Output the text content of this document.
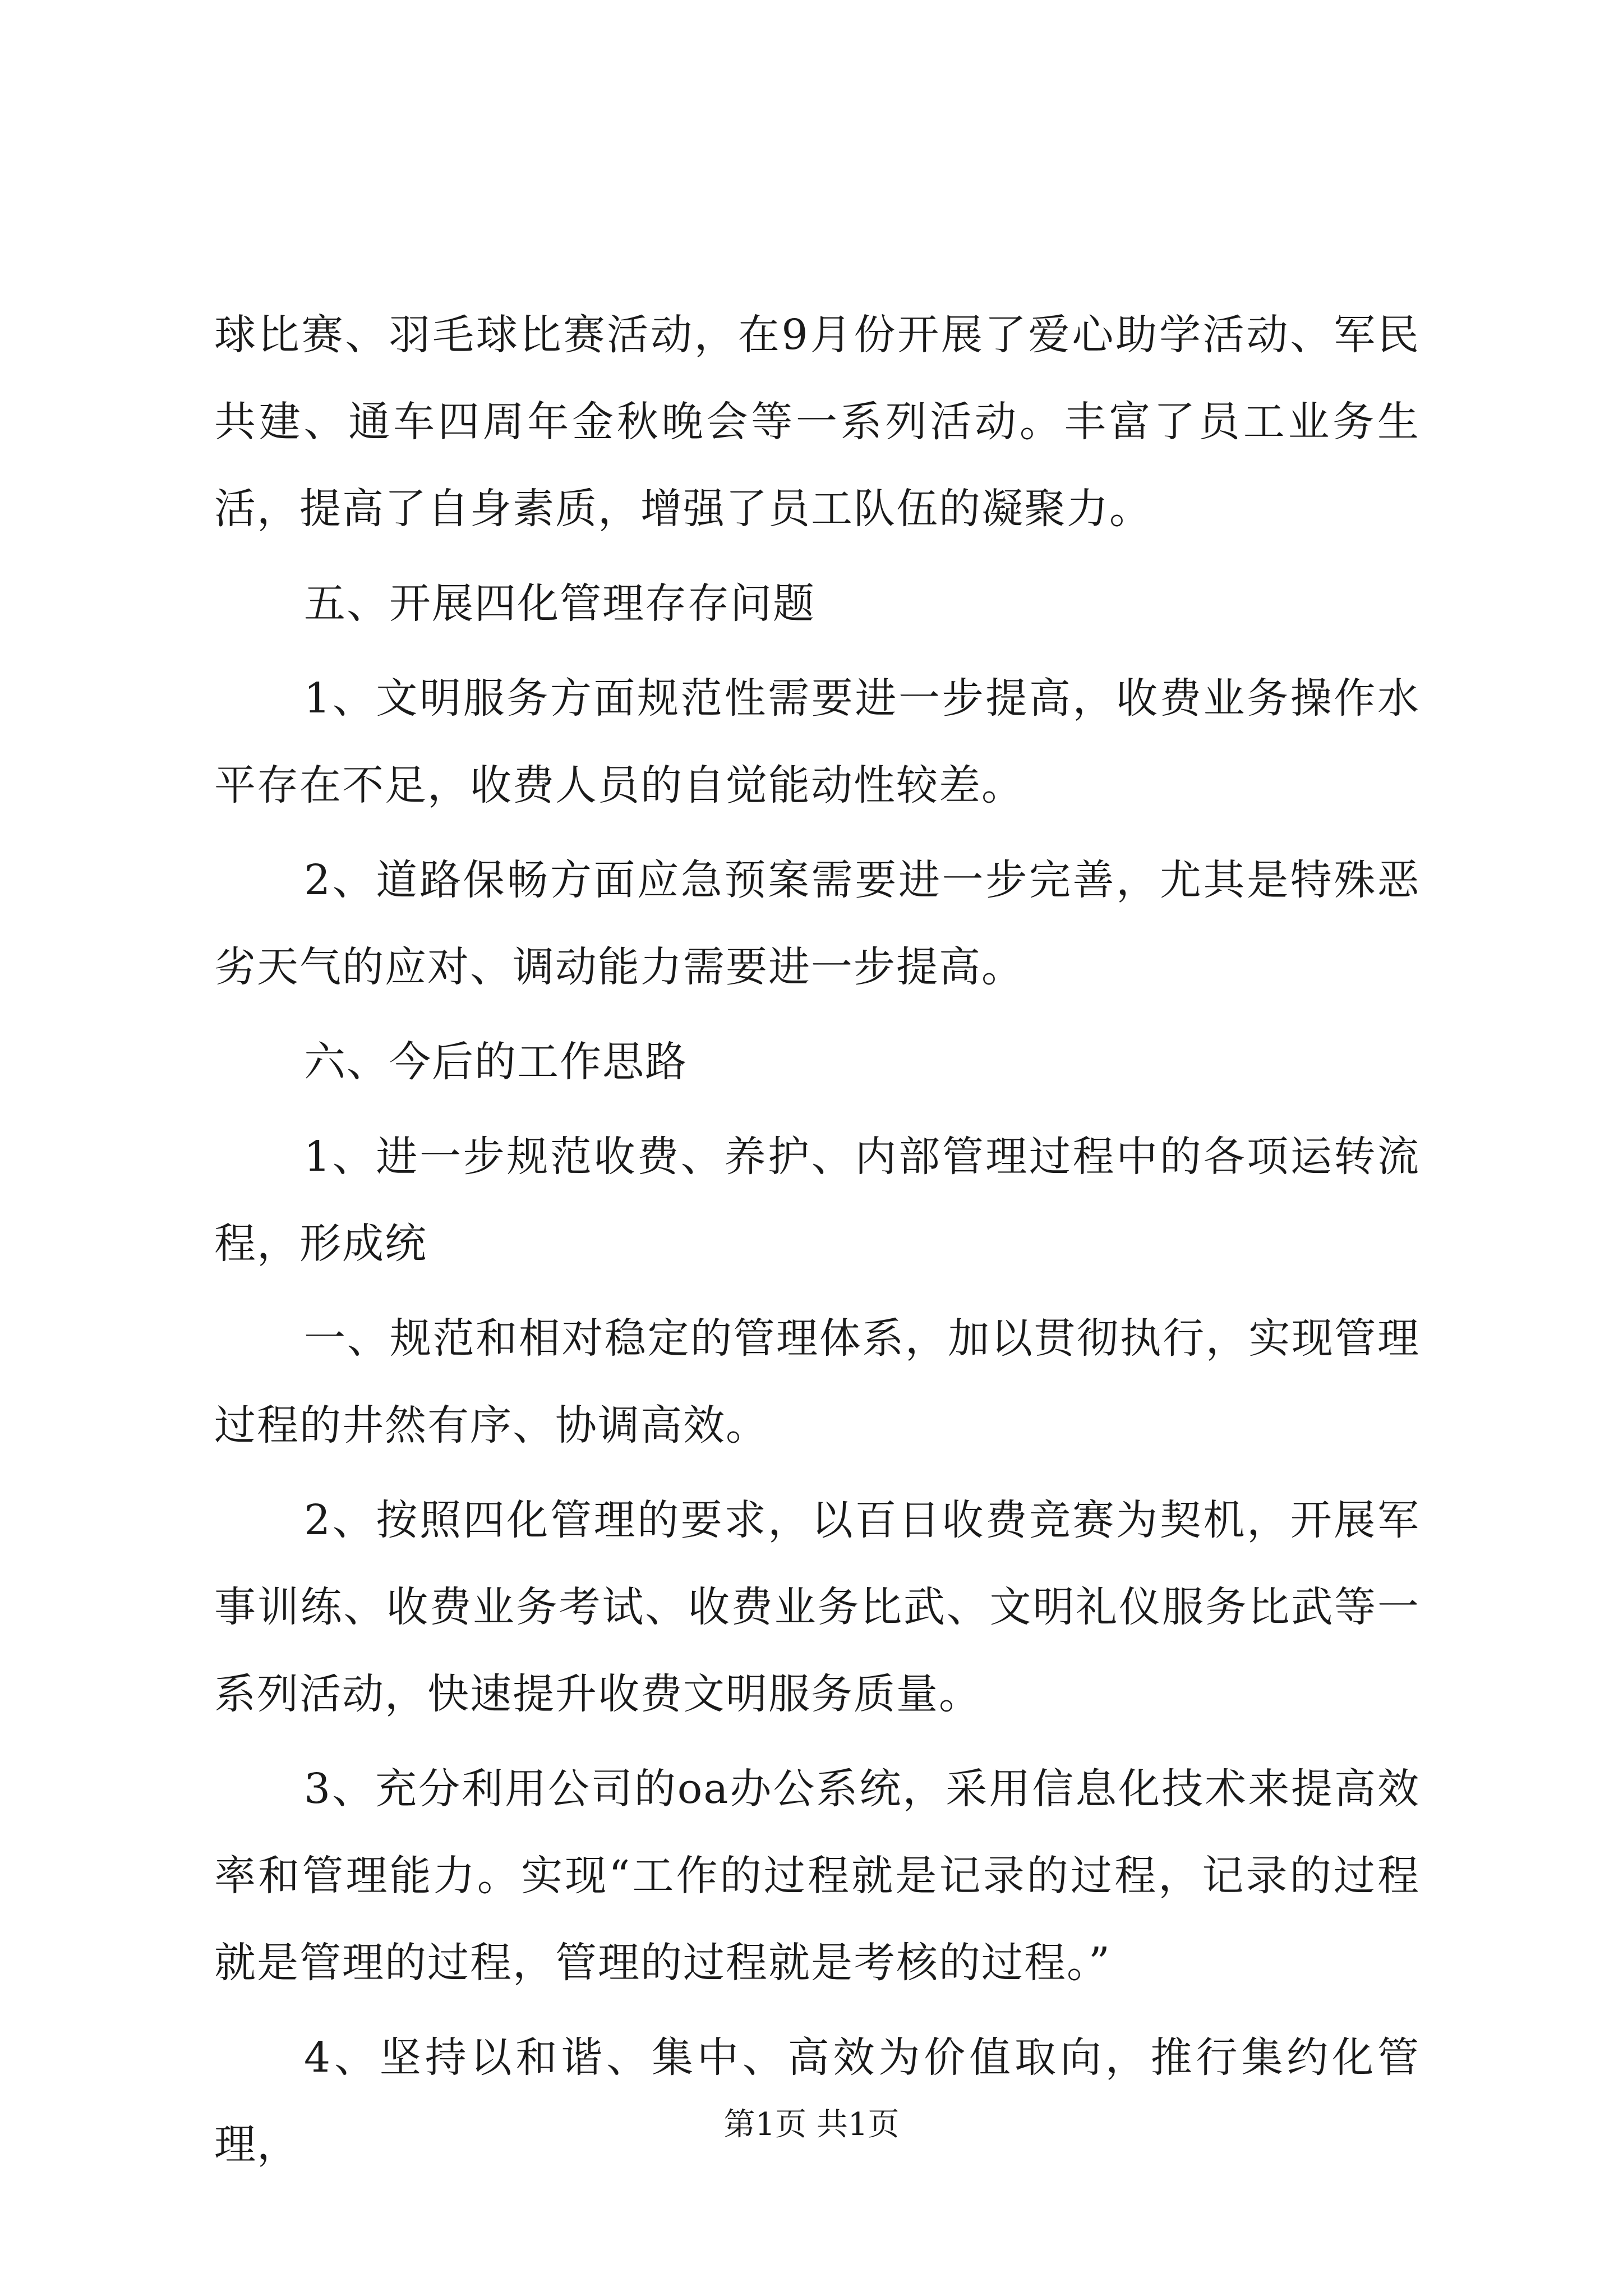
球比赛、羽毛球比赛活动，在9月份开展了爱心助学活动、军民共建、通车四周年金秋晚会等一系列活动。丰富了员工业务生活，提高了自身素质，增强了员工队伍的凝聚力。

五、开展四化管理存存问题

1、文明服务方面规范性需要进一步提高，收费业务操作水平存在不足，收费人员的自觉能动性较差。

2、道路保畅方面应急预案需要进一步完善，尤其是特殊恶劣天气的应对、调动能力需要进一步提高。

六、今后的工作思路

1、进一步规范收费、养护、内部管理过程中的各项运转流程，形成统

一、规范和相对稳定的管理体系，加以贯彻执行，实现管理过程的井然有序、协调高效。

2、按照四化管理的要求，以百日收费竞赛为契机，开展军事训练、收费业务考试、收费业务比武、文明礼仪服务比武等一系列活动，快速提升收费文明服务质量。

3、充分利用公司的oa办公系统，采用信息化技术来提高效率和管理能力。实现“工作的过程就是记录的过程，记录的过程就是管理的过程，管理的过程就是考核的过程。”

4、坚持以和谐、集中、高效为价值取向，推行集约化管理，	第1页 共1页
